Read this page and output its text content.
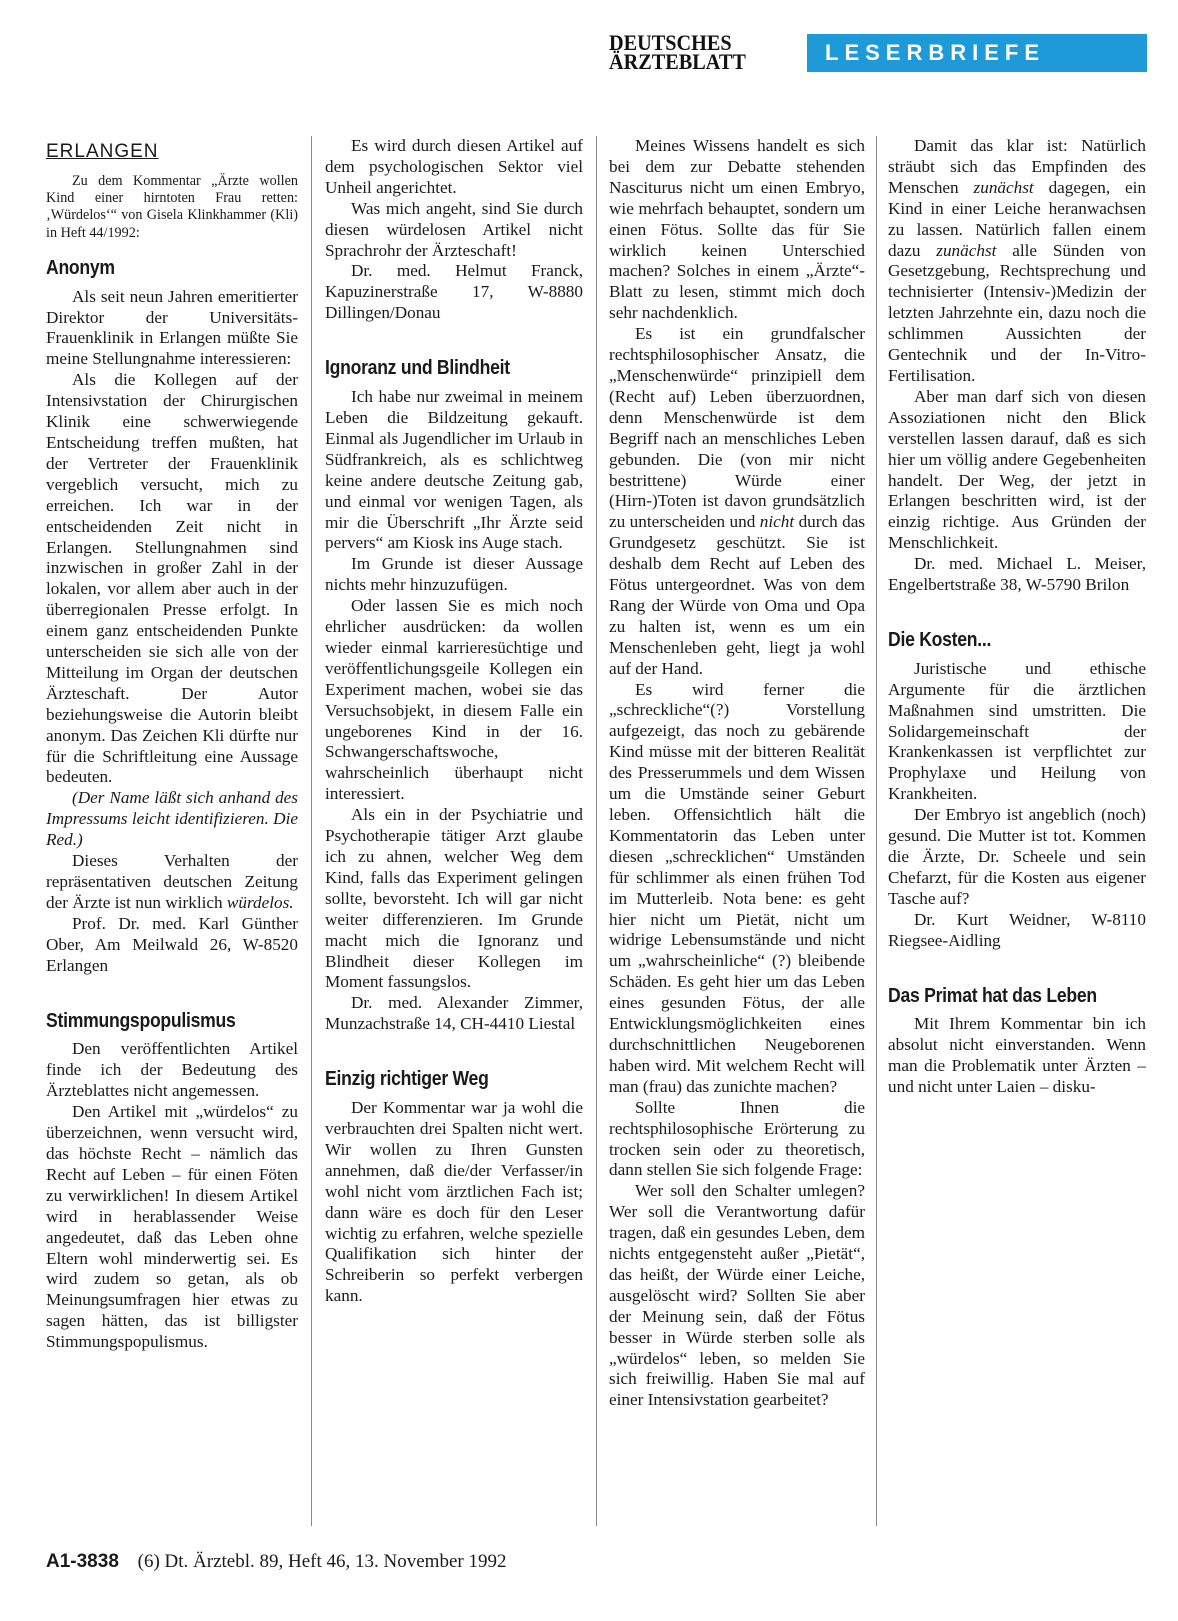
DEUTSCHES
ÄRZTEBLATT	LESERBRIEFE
ERLANGEN

Zu dem Kommentar „Ärzte wollen Kind einer hirntoten Frau retten: ‚Würdelos‘“ von Gisela Klinkhammer (Kli) in Heft 44/1992:

Anonym

Als seit neun Jahren emeritierter Direktor der Universitäts-Frauenklinik in Erlangen müßte Sie meine Stellungnahme interessieren:

Als die Kollegen auf der Intensivstation der Chirurgischen Klinik eine schwerwiegende Entscheidung treffen mußten, hat der Vertreter der Frauenklinik vergeblich versucht, mich zu erreichen. Ich war in der entscheidenden Zeit nicht in Erlangen. Stellungnahmen sind inzwischen in großer Zahl in der lokalen, vor allem aber auch in der überregionalen Presse erfolgt. In einem ganz entscheidenden Punkte unterscheiden sie sich alle von der Mitteilung im Organ der deutschen Ärzteschaft. Der Autor beziehungsweise die Autorin bleibt anonym. Das Zeichen Kli dürfte nur für die Schriftleitung eine Aussage bedeuten.

(Der Name läßt sich anhand des Impressums leicht identifizieren. Die Red.)

Dieses Verhalten der repräsentativen deutschen Zeitung der Ärzte ist nun wirklich würdelos.

Prof. Dr. med. Karl Günther Ober, Am Meilwald 26, W-8520 Erlangen

Stimmungspopulismus

Den veröffentlichten Artikel finde ich der Bedeutung des Ärzteblattes nicht angemessen.

Den Artikel mit „würdelos“ zu überzeichnen, wenn versucht wird, das höchste Recht – nämlich das Recht auf Leben – für einen Föten zu verwirklichen! In diesem Artikel wird in herablassender Weise angedeutet, daß das Leben ohne Eltern wohl minderwertig sei. Es wird zudem so getan, als ob Meinungsumfragen hier etwas zu sagen hätten, das ist billigster Stimmungspopulismus.

Es wird durch diesen Artikel auf dem psychologischen Sektor viel Unheil angerichtet.

Was mich angeht, sind Sie durch diesen würdelosen Artikel nicht Sprachrohr der Ärzteschaft!

Dr. med. Helmut Franck, Kapuzinerstraße 17, W-8880 Dillingen/Donau

Ignoranz und Blindheit

Ich habe nur zweimal in meinem Leben die Bildzeitung gekauft. Einmal als Jugendlicher im Urlaub in Südfrankreich, als es schlichtweg keine andere deutsche Zeitung gab, und einmal vor wenigen Tagen, als mir die Überschrift „Ihr Ärzte seid pervers“ am Kiosk ins Auge stach.

Im Grunde ist dieser Aussage nichts mehr hinzuzufügen.

Oder lassen Sie es mich noch ehrlicher ausdrücken: da wollen wieder einmal karrieresüchtige und veröffentlichungsgeile Kollegen ein Experiment machen, wobei sie das Versuchsobjekt, in diesem Falle ein ungeborenes Kind in der 16. Schwangerschaftswoche, wahrscheinlich überhaupt nicht interessiert.

Als ein in der Psychiatrie und Psychotherapie tätiger Arzt glaube ich zu ahnen, welcher Weg dem Kind, falls das Experiment gelingen sollte, bevorsteht. Ich will gar nicht weiter differenzieren. Im Grunde macht mich die Ignoranz und Blindheit dieser Kollegen im Moment fassungslos.

Dr. med. Alexander Zimmer, Munzachstraße 14, CH-4410 Liestal

Einzig richtiger Weg

Der Kommentar war ja wohl die verbrauchten drei Spalten nicht wert. Wir wollen zu Ihren Gunsten annehmen, daß die/der Verfasser/in wohl nicht vom ärztlichen Fach ist; dann wäre es doch für den Leser wichtig zu erfahren, welche spezielle Qualifikation sich hinter der Schreiberin so perfekt verbergen kann.

Meines Wissens handelt es sich bei dem zur Debatte stehenden Nasciturus nicht um einen Embryo, wie mehrfach behauptet, sondern um einen Fötus. Sollte das für Sie wirklich keinen Unterschied machen? Solches in einem „Ärzte“-Blatt zu lesen, stimmt mich doch sehr nachdenklich.

Es ist ein grundfalscher rechtsphilosophischer Ansatz, die „Menschenwürde“ prinzipiell dem (Recht auf) Leben überzuordnen, denn Menschenwürde ist dem Begriff nach an menschliches Leben gebunden. Die (von mir nicht bestrittene) Würde einer (Hirn-)Toten ist davon grundsätzlich zu unterscheiden und nicht durch das Grundgesetz geschützt. Sie ist deshalb dem Recht auf Leben des Fötus untergeordnet. Was von dem Rang der Würde von Oma und Opa zu halten ist, wenn es um ein Menschenleben geht, liegt ja wohl auf der Hand.

Es wird ferner die „schreckliche“(?) Vorstellung aufgezeigt, das noch zu gebärende Kind müsse mit der bitteren Realität des Presserummels und dem Wissen um die Umstände seiner Geburt leben. Offensichtlich hält die Kommentatorin das Leben unter diesen „schrecklichen“ Umständen für schlimmer als einen frühen Tod im Mutterleib. Nota bene: es geht hier nicht um Pietät, nicht um widrige Lebensumstände und nicht um „wahrscheinliche“ (?) bleibende Schäden. Es geht hier um das Leben eines gesunden Fötus, der alle Entwicklungsmöglichkeiten eines durchschnittlichen Neugeborenen haben wird. Mit welchem Recht will man (frau) das zunichte machen?

Sollte Ihnen die rechtsphilosophische Erörterung zu trocken sein oder zu theoretisch, dann stellen Sie sich folgende Frage:

Wer soll den Schalter umlegen? Wer soll die Verantwortung dafür tragen, daß ein gesundes Leben, dem nichts entgegensteht außer „Pietät“, das heißt, der Würde einer Leiche, ausgelöscht wird? Sollten Sie aber der Meinung sein, daß der Fötus besser in Würde sterben solle als „würdelos“ leben, so melden Sie sich freiwillig. Haben Sie mal auf einer Intensivstation gearbeitet?

Damit das klar ist: Natürlich sträubt sich das Empfinden des Menschen zunächst dagegen, ein Kind in einer Leiche heranwachsen zu lassen. Natürlich fallen einem dazu zunächst alle Sünden von Gesetzgebung, Rechtsprechung und technisierter (Intensiv-)Medizin der letzten Jahrzehnte ein, dazu noch die schlimmen Aussichten der Gentechnik und der In-Vitro-Fertilisation.

Aber man darf sich von diesen Assoziationen nicht den Blick verstellen lassen darauf, daß es sich hier um völlig andere Gegebenheiten handelt. Der Weg, der jetzt in Erlangen beschritten wird, ist der einzig richtige. Aus Gründen der Menschlichkeit.

Dr. med. Michael L. Meiser, Engelbertstraße 38, W-5790 Brilon

Die Kosten...

Juristische und ethische Argumente für die ärztlichen Maßnahmen sind umstritten. Die Solidargemeinschaft der Krankenkassen ist verpflichtet zur Prophylaxe und Heilung von Krankheiten.

Der Embryo ist angeblich (noch) gesund. Die Mutter ist tot. Kommen die Ärzte, Dr. Scheele und sein Chefarzt, für die Kosten aus eigener Tasche auf?

Dr. Kurt Weidner, W-8110 Riegsee-Aidling

Das Primat hat das Leben

Mit Ihrem Kommentar bin ich absolut nicht einverstanden. Wenn man die Problematik unter Ärzten – und nicht unter Laien – disku-

A1-3838 (6) Dt. Ärztebl. 89, Heft 46, 13. November 1992
